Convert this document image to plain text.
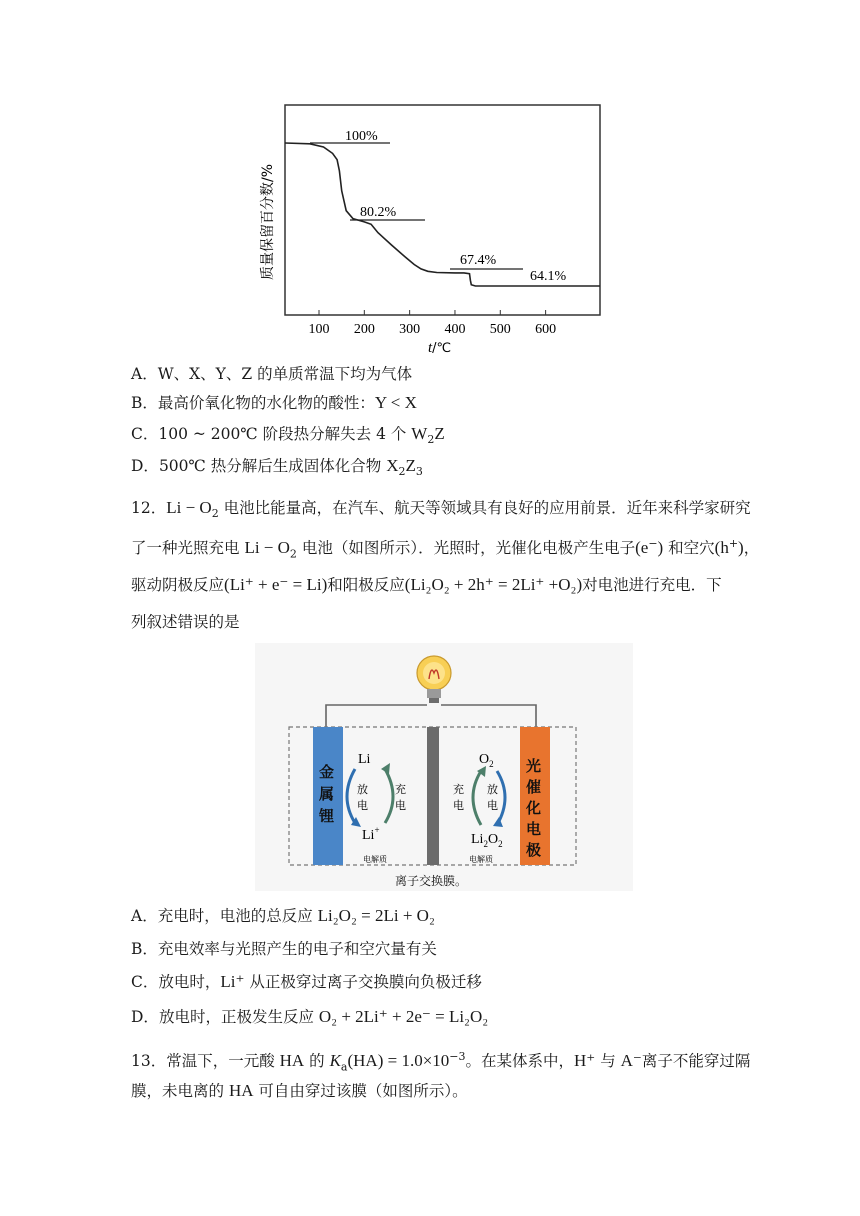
质量保留百分数/%
100 200 300 400 500 600
t/℃
100%
80.2%
67.4%
64.1%
A．W、X、Y、Z 的单质常温下均为气体
B．最高价氧化物的水化物的酸性：Y < X
C．100 ~ 200℃ 阶段热分解失去 4 个 $W_2Z$
D．500℃ 热分解后生成固体化合物 $X_2Z_3$
12．$Li - O_2$ 电池比能量高，在汽车、航天等领域具有良好的应用前景．近年来科学家研究
了一种光照充电 $Li - O_2$ 电池（如图所示）．光照时，光催化电极产生电子(e−) 和空穴(h+)，
驱动阴极反应(Li⁺ + e⁻ = Li)和阳极反应(Li₂O₂ + 2h⁺ = 2Li⁺ +O₂)对电池进行充电．下
列叙述错误的是
金
属
锂
光
催
化
电
极
Li
Li+
放
电
充
电
$O_2$
$Li_2O_2$
充
电
放
电
电解质	电解质
离子交换膜。
A．充电时，电池的总反应 Li₂O₂ = 2Li + O₂
B．充电效率与光照产生的电子和空穴量有关
C．放电时，Li⁺ 从正极穿过离子交换膜向负极迁移
D．放电时，正极发生反应 O₂ + 2Li⁺ + 2e⁻ = Li₂O₂
13．常温下，一元酸 HA 的 $K_a(HA) = 1.0\times 10^{-3}$。在某体系中，H⁺ 与 A⁻离子不能穿过隔
膜，未电离的 HA 可自由穿过该膜（如图所示）。
